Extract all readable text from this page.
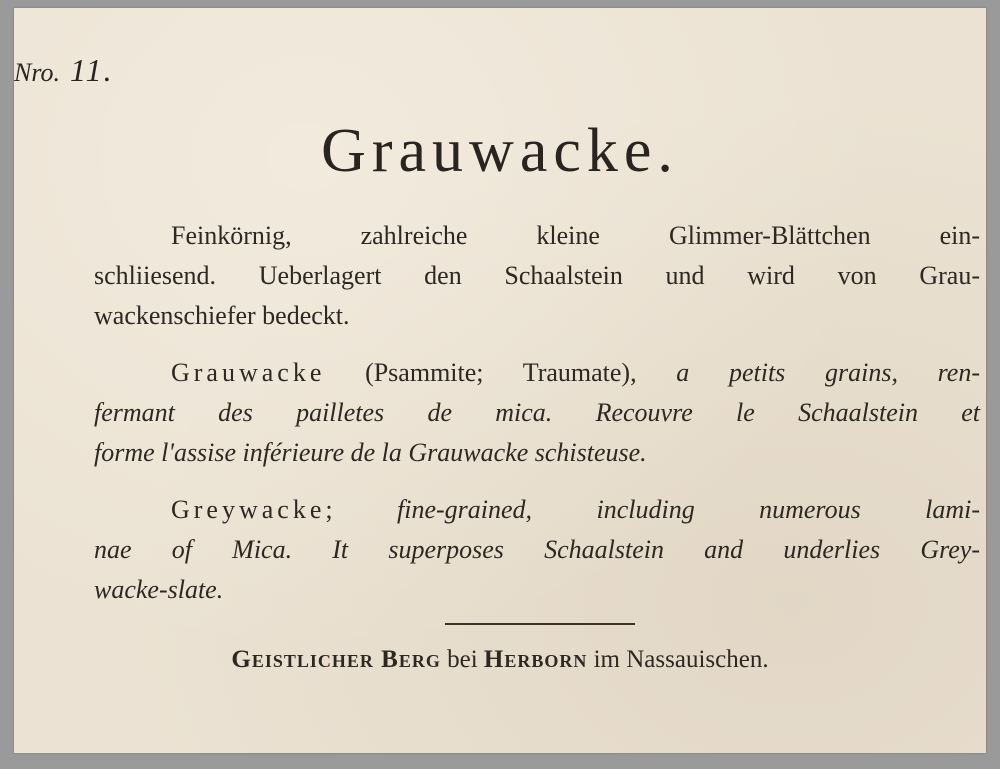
Nro. 11.
Grauwacke.
Feinkörnig, zahlreiche kleine Glimmer-Blättchen ein-
schliiesend. Ueberlagert den Schaalstein und wird von Grau-
wackenschiefer bedeckt.
Grauwacke (Psammite; Traumate), a petits grains, ren-
fermant des pailletes de mica. Recouvre le Schaalstein et
forme l'assise inférieure de la Grauwacke schisteuse.
Greywacke; fine-grained, including numerous lami-
nae of Mica. It superposes Schaalstein and underlies Grey-
wacke-slate.
Geistlicher Berg bei Herborn im Nassauischen.
